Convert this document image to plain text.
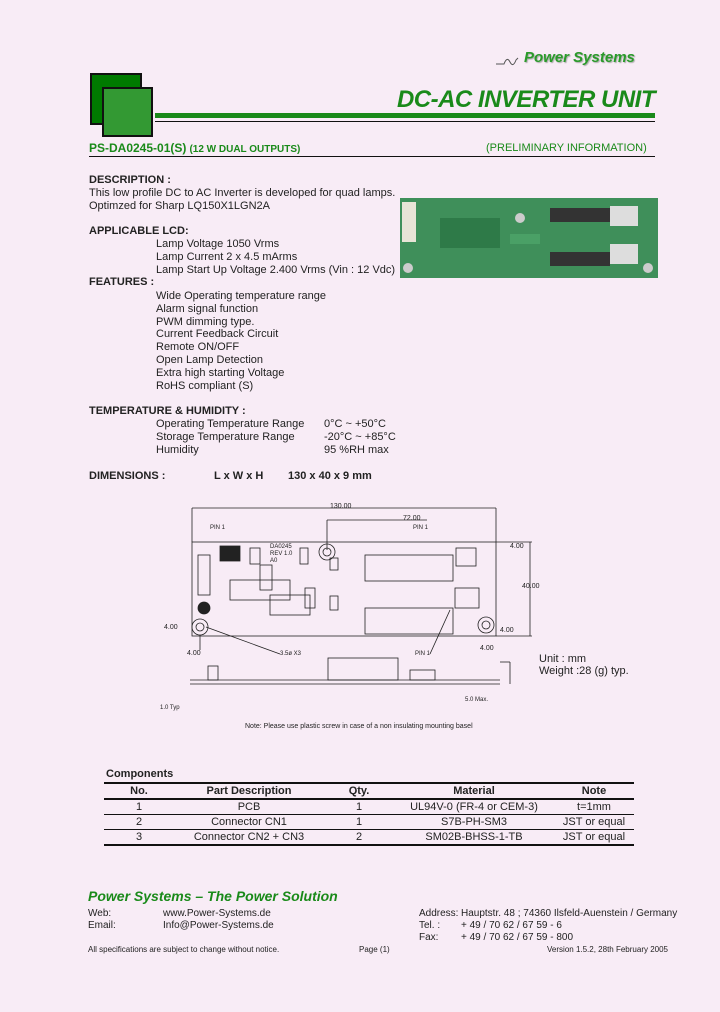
Power Systems
DC-AC INVERTER UNIT
PS-DA0245-01(S) (12 W DUAL OUTPUTS)	(PRELIMINARY INFORMATION)
DESCRIPTION :
This low profile DC to AC Inverter is developed for quad lamps.
Optimzed for Sharp LQ150X1LGN2A
APPLICABLE LCD:
Lamp Voltage 1050 Vrms
Lamp Current 2 x 4.5 mArms
Lamp Start Up Voltage 2.400 Vrms (Vin : 12 Vdc)
FEATURES :
Wide Operating temperature range
Alarm signal function
PWM dimming type.
Current Feedback Circuit
Remote ON/OFF
Open Lamp Detection
Extra high starting Voltage
RoHS compliant (S)
TEMPERATURE & HUMIDITY :
Operating Temperature Range 0°C ~ +50°C
Storage Temperature Range	-20°C ~ +85°C
Humidity	95 %RH max
DIMENSIONS :	L x W x H 130 x 40 x 9 mm
130.00
72.00
40.00
4.00
4.00
4.00
4.00
4.00
PIN 1	PIN 1
PIN 1
3.5ø X3
DA0245 REV 1.0 A0
1.0 Typ
5.0 Max.
Note: Please use plastic screw in case of a non insulating mounting basel
Unit : mm
Weight :28 (g) typ.
Components
No.	Part Description	Qty.	Material	Note
1	PCB	1	UL94V-0 (FR-4 or CEM-3)	t=1mm
2	Connector CN1	1	S7B-PH-SM3	JST or equal
3	Connector CN2 + CN3	2	SM02B-BHSS-1-TB	JST or equal
Power Systems – The Power Solution
Web:	www.Power-Systems.de
Email:	Info@Power-Systems.de
Address: Hauptstr. 48 ; 74360 Ilsfeld-Auenstein / Germany
Tel. : + 49 / 70 62 / 67 59 - 6
Fax: + 49 / 70 62 / 67 59 - 800
All specifications are subject to change without notice.	Page (1)	Version 1.5.2, 28th February 2005
